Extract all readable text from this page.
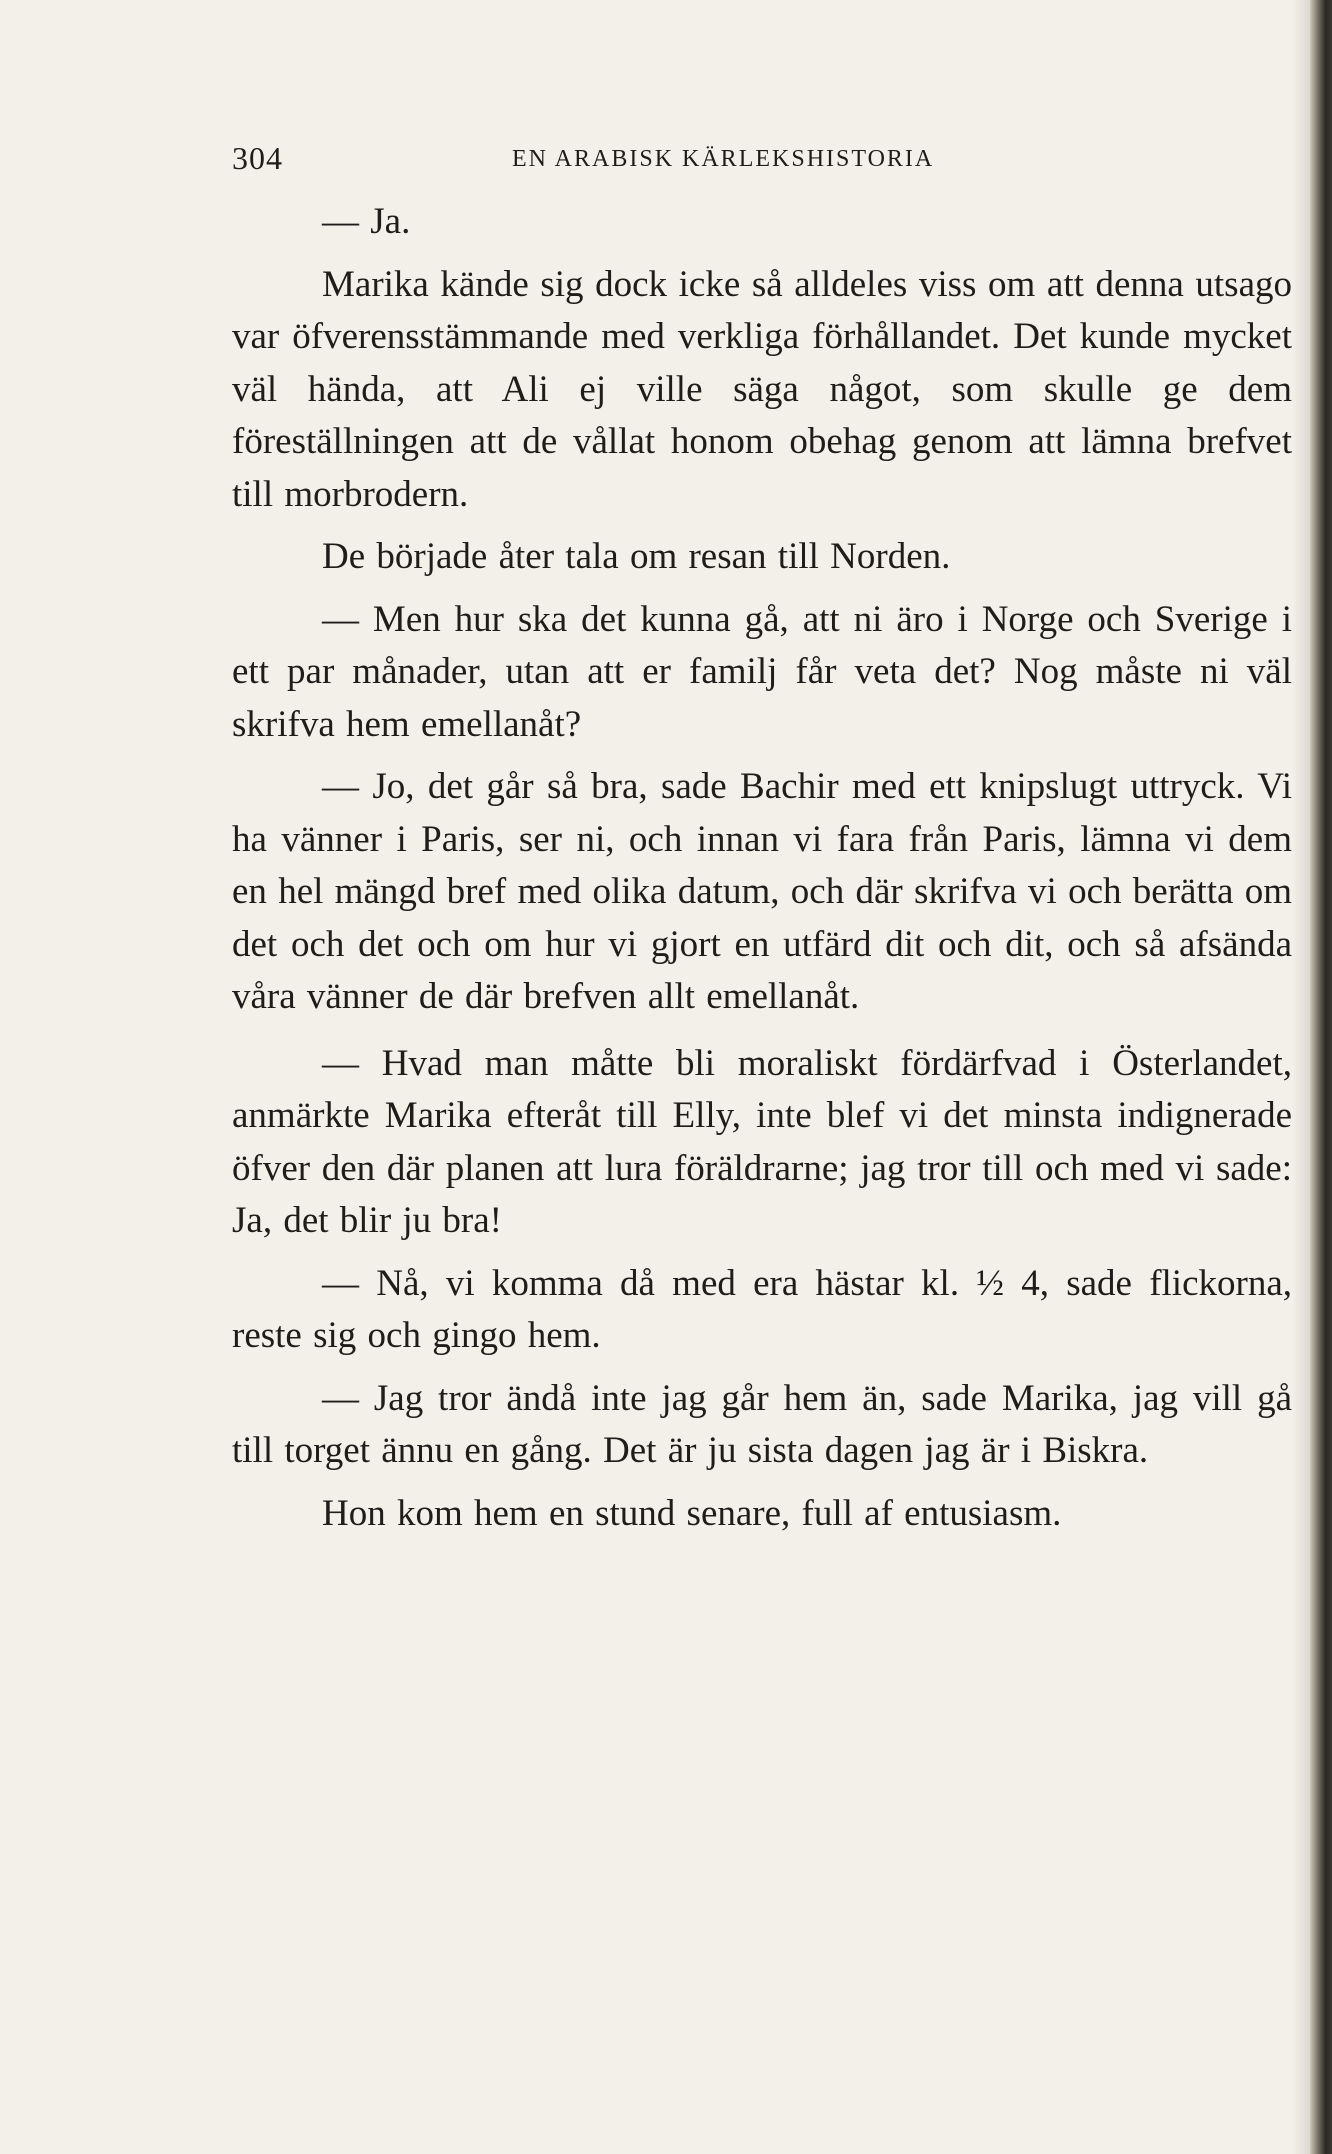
304	EN ARABISK KÄRLEKSHISTORIA

— Ja.

Marika kände sig dock icke så alldeles viss om att denna utsago var öfverensstämmande med verkliga förhållandet. Det kunde mycket väl hända, att Ali ej ville säga något, som skulle ge dem föreställningen att de vållat honom obehag genom att lämna brefvet till morbrodern.

De började åter tala om resan till Norden.

— Men hur ska det kunna gå, att ni äro i Norge och Sverige i ett par månader, utan att er familj får veta det? Nog måste ni väl skrifva hem emellanåt?

— Jo, det går så bra, sade Bachir med ett knipslugt uttryck. Vi ha vänner i Paris, ser ni, och innan vi fara från Paris, lämna vi dem en hel mängd bref med olika datum, och där skrifva vi och berätta om det och det och om hur vi gjort en utfärd dit och dit, och så afsända våra vänner de där brefven allt emellanåt.

— Hvad man måtte bli moraliskt fördärfvad i Österlandet, anmärkte Marika efteråt till Elly, inte blef vi det minsta indignerade öfver den där planen att lura föräldrarne; jag tror till och med vi sade: Ja, det blir ju bra!

— Nå, vi komma då med era hästar kl. ½ 4, sade flickorna, reste sig och gingo hem.

— Jag tror ändå inte jag går hem än, sade Marika, jag vill gå till torget ännu en gång. Det är ju sista dagen jag är i Biskra.

Hon kom hem en stund senare, full af entusiasm.
